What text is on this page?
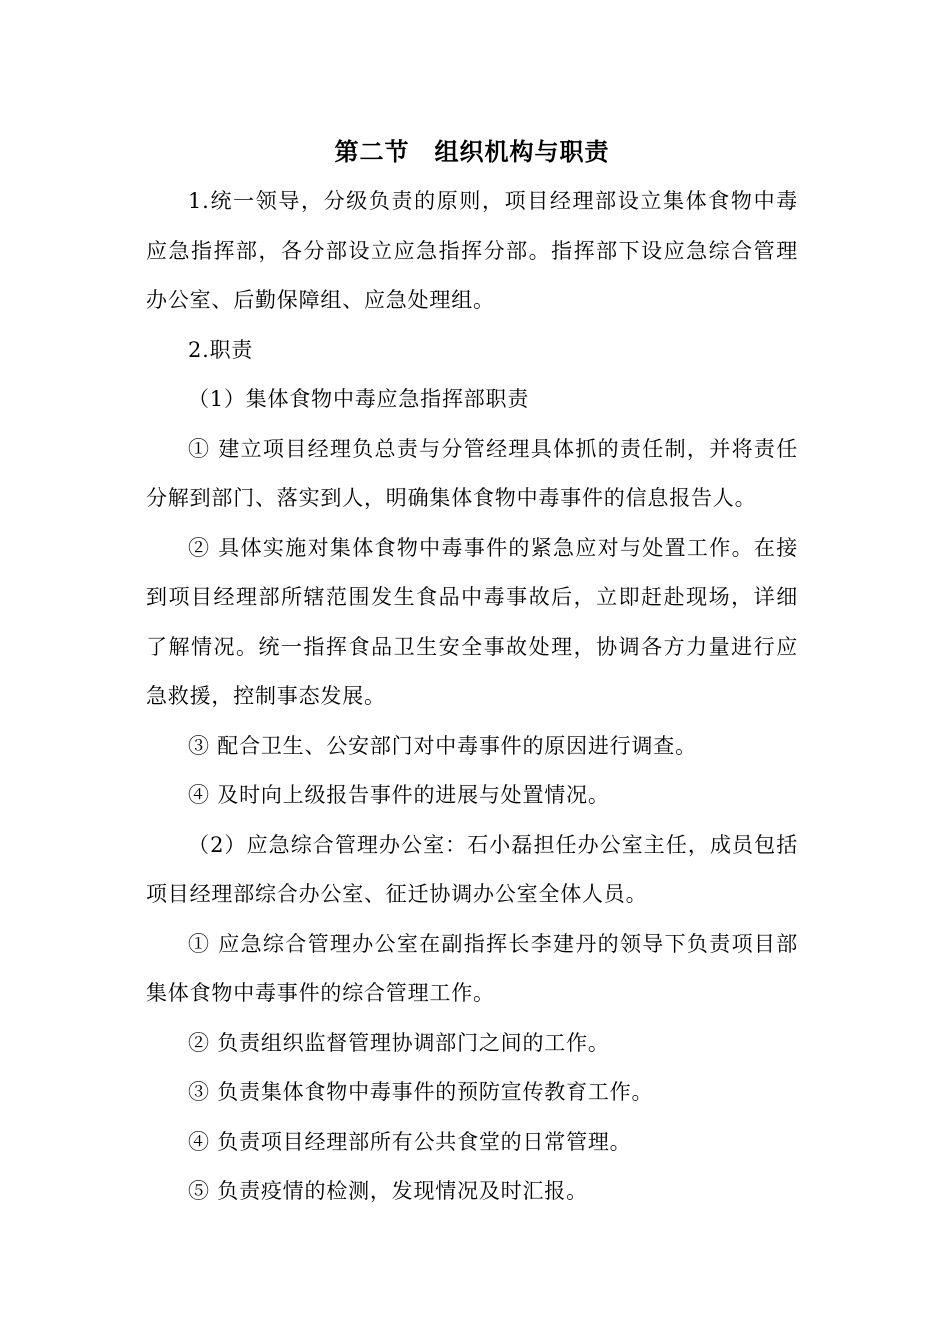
第二节　组织机构与职责

1.统一领导，分级负责的原则，项目经理部设立集体食物中毒应急指挥部，各分部设立应急指挥分部。指挥部下设应急综合管理办公室、后勤保障组、应急处理组。

2.职责

（1）集体食物中毒应急指挥部职责

① 建立项目经理负总责与分管经理具体抓的责任制，并将责任分解到部门、落实到人，明确集体食物中毒事件的信息报告人。

② 具体实施对集体食物中毒事件的紧急应对与处置工作。在接到项目经理部所辖范围发生食品中毒事故后，立即赶赴现场，详细了解情况。统一指挥食品卫生安全事故处理，协调各方力量进行应急救援，控制事态发展。

③ 配合卫生、公安部门对中毒事件的原因进行调查。

④ 及时向上级报告事件的进展与处置情况。

（2）应急综合管理办公室：石小磊担任办公室主任，成员包括项目经理部综合办公室、征迁协调办公室全体人员。

① 应急综合管理办公室在副指挥长李建丹的领导下负责项目部集体食物中毒事件的综合管理工作。

② 负责组织监督管理协调部门之间的工作。

③ 负责集体食物中毒事件的预防宣传教育工作。

④ 负责项目经理部所有公共食堂的日常管理。

⑤ 负责疫情的检测，发现情况及时汇报。
